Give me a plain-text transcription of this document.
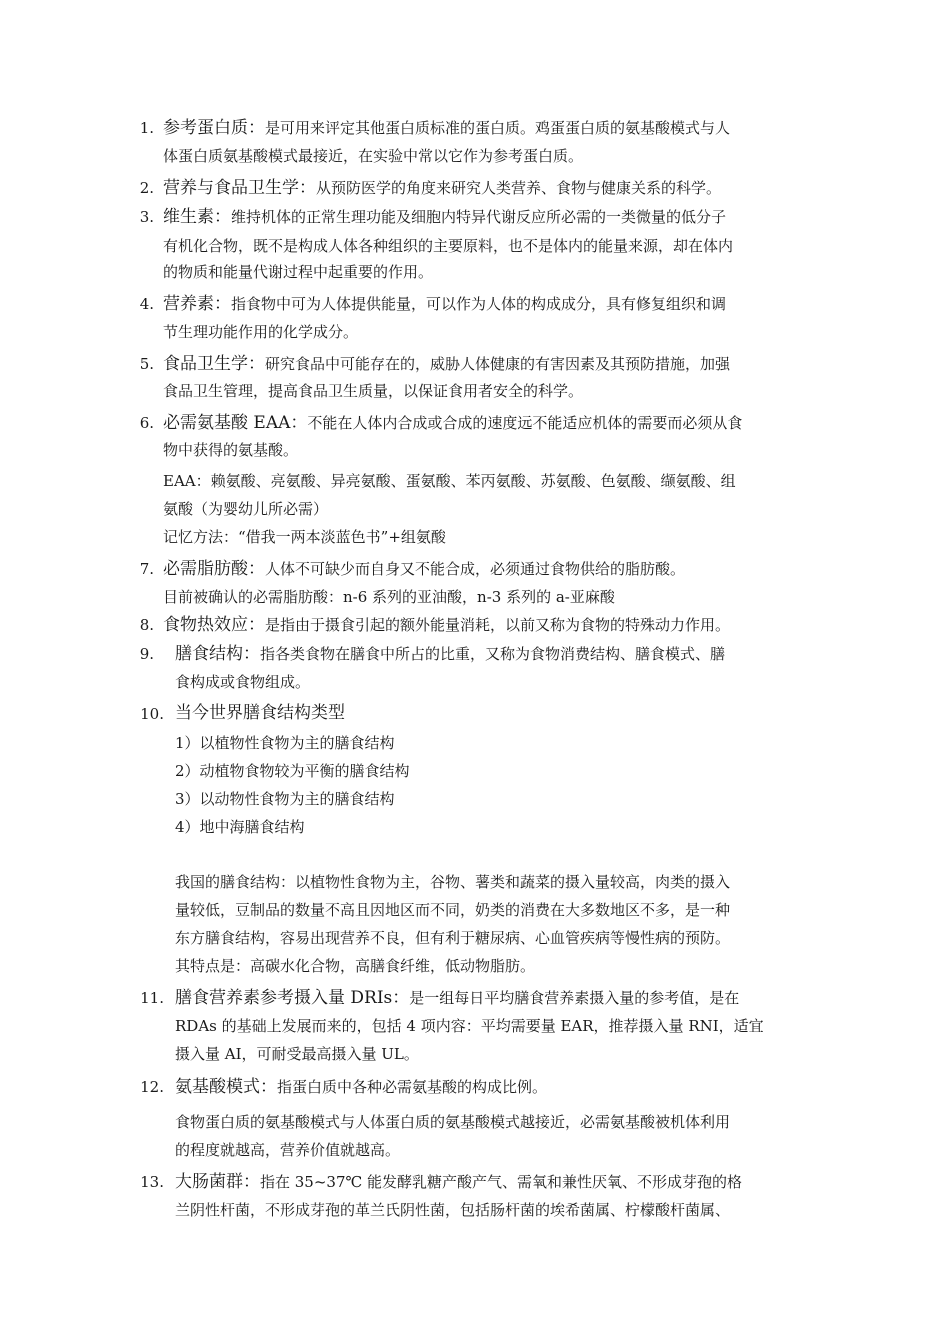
1. 参考蛋白质：是可用来评定其他蛋白质标准的蛋白质。鸡蛋蛋白质的氨基酸模式与人
体蛋白质氨基酸模式最接近，在实验中常以它作为参考蛋白质。
2. 营养与食品卫生学：从预防医学的角度来研究人类营养、食物与健康关系的科学。
3. 维生素：维持机体的正常生理功能及细胞内特异代谢反应所必需的一类微量的低分子
有机化合物，既不是构成人体各种组织的主要原料，也不是体内的能量来源，却在体内
的物质和能量代谢过程中起重要的作用。
4. 营养素：指食物中可为人体提供能量，可以作为人体的构成成分，具有修复组织和调
节生理功能作用的化学成分。
5. 食品卫生学：研究食品中可能存在的，威胁人体健康的有害因素及其预防措施，加强
食品卫生管理，提高食品卫生质量，以保证食用者安全的科学。
6. 必需氨基酸 EAA：不能在人体内合成或合成的速度远不能适应机体的需要而必须从食
物中获得的氨基酸。
EAA：赖氨酸、亮氨酸、异亮氨酸、蛋氨酸、苯丙氨酸、苏氨酸、色氨酸、缬氨酸、组
氨酸（为婴幼儿所必需）
记忆方法：“借我一两本淡蓝色书”+组氨酸
7. 必需脂肪酸：人体不可缺少而自身又不能合成，必须通过食物供给的脂肪酸。
目前被确认的必需脂肪酸：n-6 系列的亚油酸，n-3 系列的 a-亚麻酸
8. 食物热效应：是指由于摄食引起的额外能量消耗，以前又称为食物的特殊动力作用。
9. 膳食结构：指各类食物在膳食中所占的比重，又称为食物消费结构、膳食模式、膳
食构成或食物组成。
10. 当今世界膳食结构类型
1）以植物性食物为主的膳食结构
2）动植物食物较为平衡的膳食结构
3）以动物性食物为主的膳食结构
4）地中海膳食结构
我国的膳食结构：以植物性食物为主，谷物、薯类和蔬菜的摄入量较高，肉类的摄入
量较低，豆制品的数量不高且因地区而不同，奶类的消费在大多数地区不多，是一种
东方膳食结构，容易出现营养不良，但有利于糖尿病、心血管疾病等慢性病的预防。
其特点是：高碳水化合物，高膳食纤维，低动物脂肪。
11. 膳食营养素参考摄入量 DRIs：是一组每日平均膳食营养素摄入量的参考值，是在
RDAs 的基础上发展而来的，包括 4 项内容：平均需要量 EAR，推荐摄入量 RNI，适宜
摄入量 AI，可耐受最高摄入量 UL。
12. 氨基酸模式：指蛋白质中各种必需氨基酸的构成比例。
食物蛋白质的氨基酸模式与人体蛋白质的氨基酸模式越接近，必需氨基酸被机体利用
的程度就越高，营养价值就越高。
13. 大肠菌群：指在 35~37℃ 能发酵乳糖产酸产气、需氧和兼性厌氧、不形成芽孢的格
兰阴性杆菌，不形成芽孢的革兰氏阴性菌，包括肠杆菌的埃希菌属、柠檬酸杆菌属、
